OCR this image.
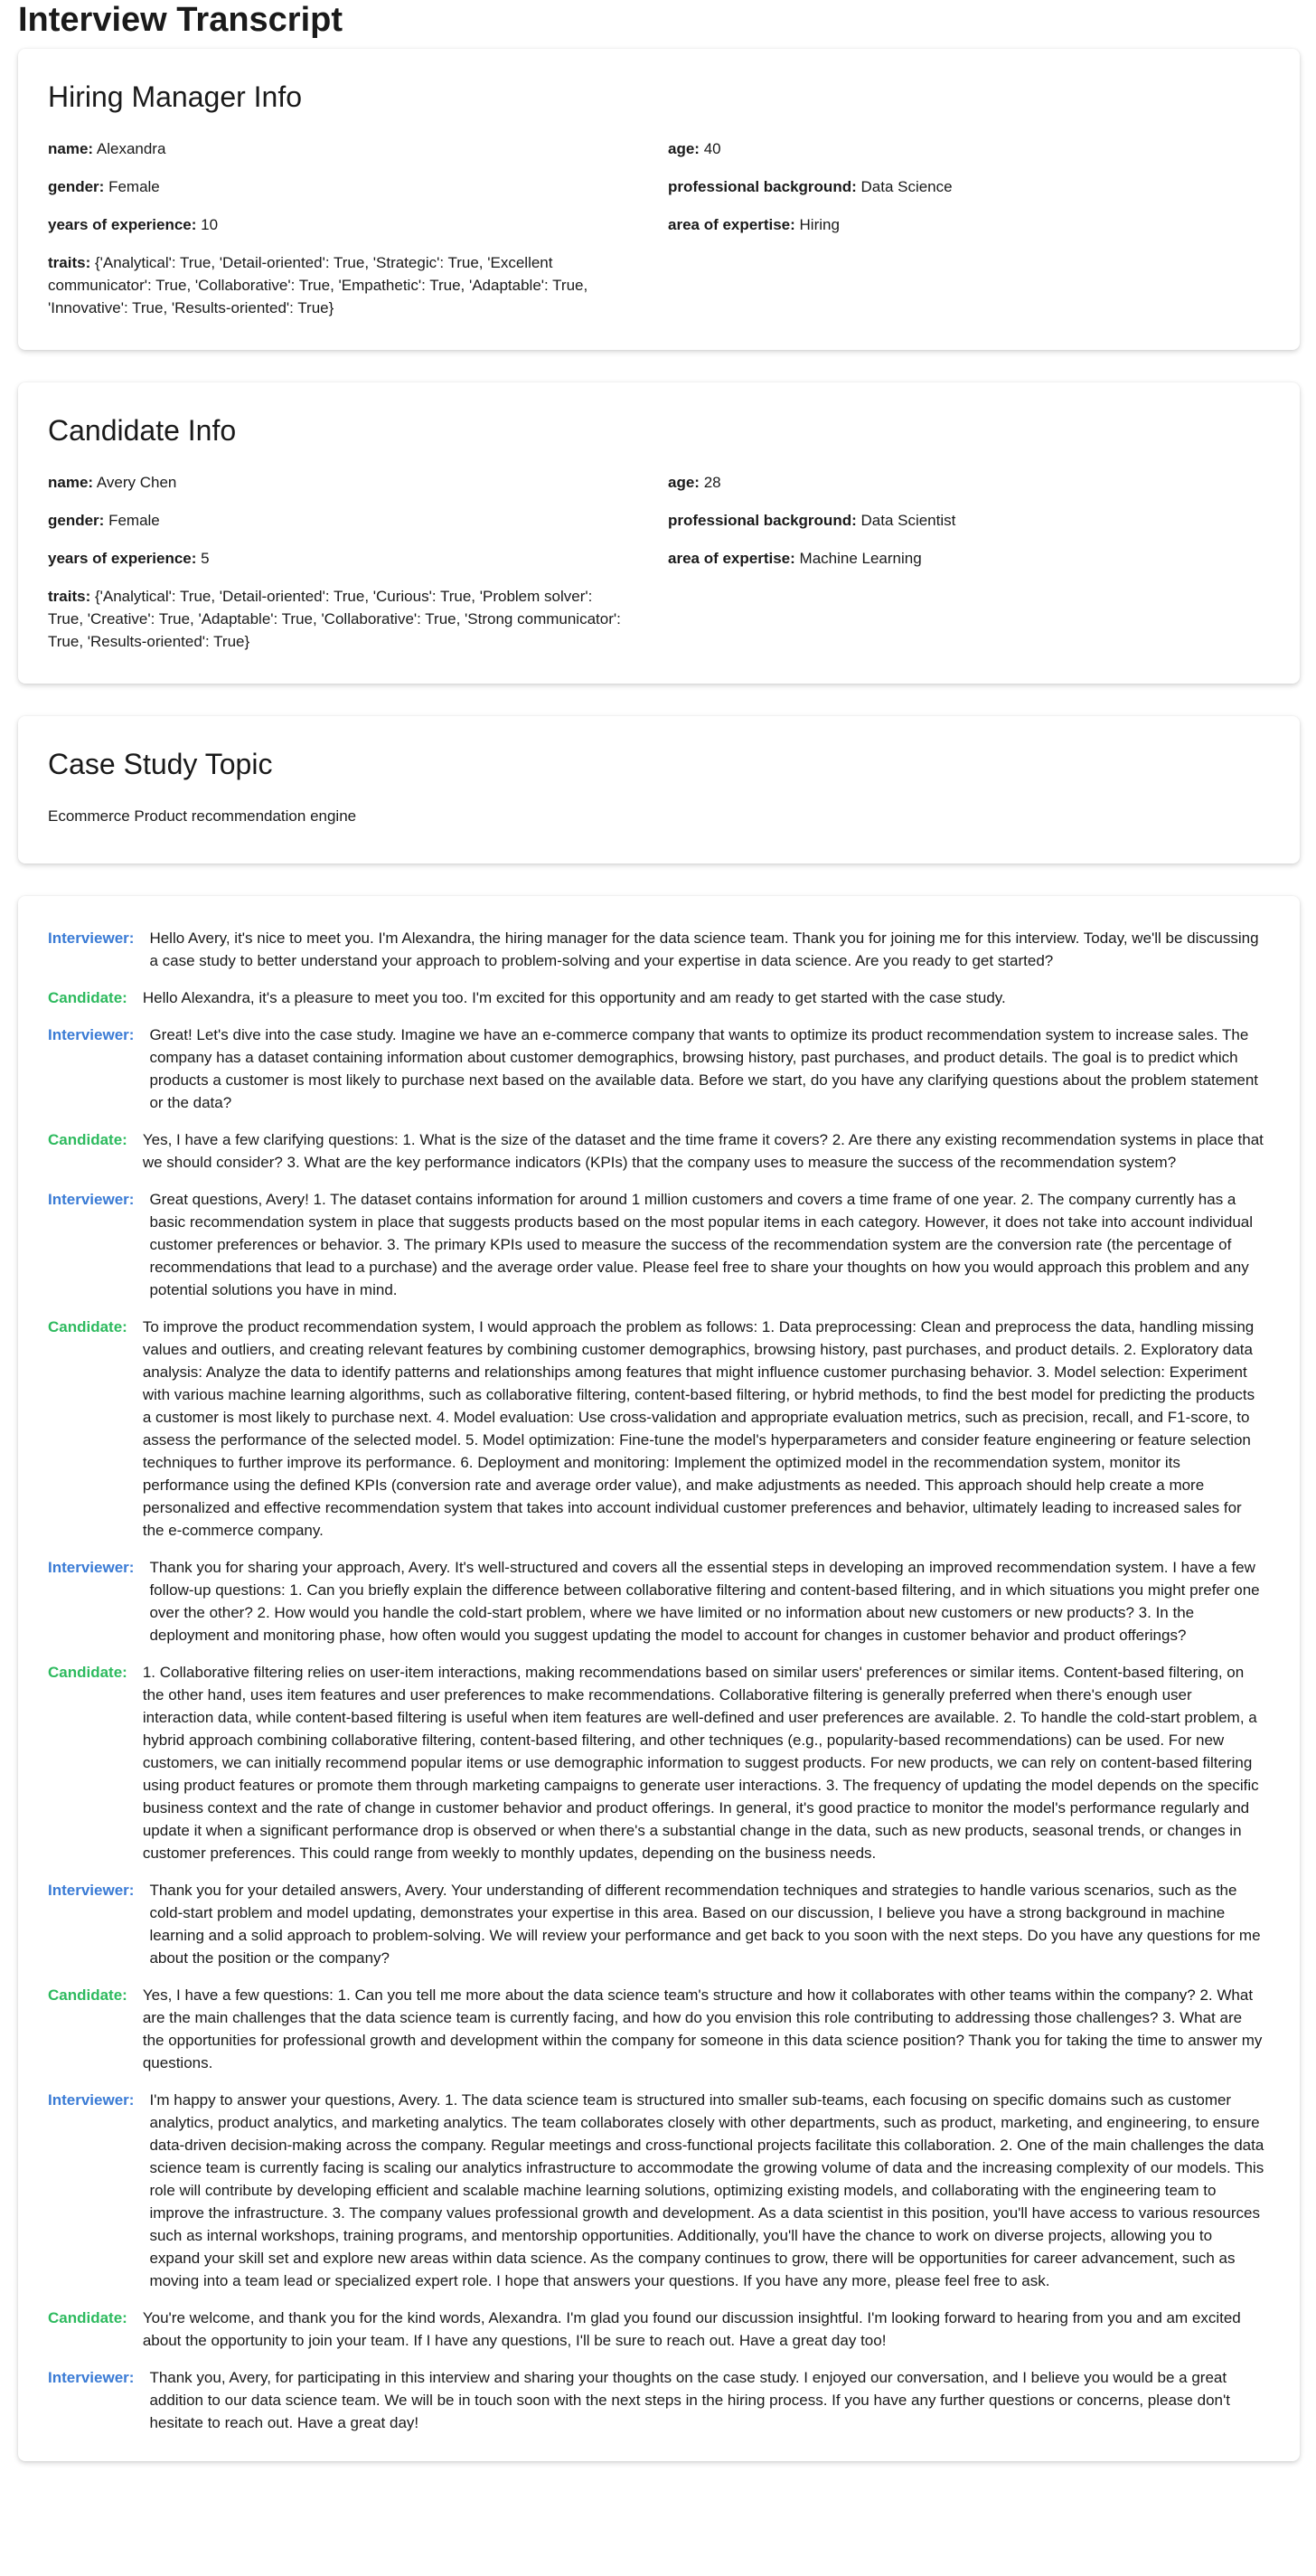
Interview Transcript
Hiring Manager Info
name: Alexandra	age: 40
gender: Female	professional background: Data Science
years of experience: 10	area of expertise: Hiring
traits: {'Analytical': True, 'Detail-oriented': True, 'Strategic': True, 'Excellent communicator': True, 'Collaborative': True, 'Empathetic': True, 'Adaptable': True, 'Innovative': True, 'Results-oriented': True}
Candidate Info
name: Avery Chen	age: 28
gender: Female	professional background: Data Scientist
years of experience: 5	area of expertise: Machine Learning
traits: {'Analytical': True, 'Detail-oriented': True, 'Curious': True, 'Problem solver': True, 'Creative': True, 'Adaptable': True, 'Collaborative': True, 'Strong communicator': True, 'Results-oriented': True}
Case Study Topic

Ecommerce Product recommendation engine

Interviewer: Hello Avery, it's nice to meet you. I'm Alexandra, the hiring manager for the data science team. Thank you for joining me for this interview. Today, we'll be discussing a case study to better understand your approach to problem-solving and your expertise in data science. Are you ready to get started?
Candidate: Hello Alexandra, it's a pleasure to meet you too. I'm excited for this opportunity and am ready to get started with the case study.
Interviewer: Great! Let's dive into the case study. Imagine we have an e-commerce company that wants to optimize its product recommendation system to increase sales. The company has a dataset containing information about customer demographics, browsing history, past purchases, and product details. The goal is to predict which products a customer is most likely to purchase next based on the available data. Before we start, do you have any clarifying questions about the problem statement or the data?
Candidate: Yes, I have a few clarifying questions: 1. What is the size of the dataset and the time frame it covers? 2. Are there any existing recommendation systems in place that we should consider? 3. What are the key performance indicators (KPIs) that the company uses to measure the success of the recommendation system?
Interviewer: Great questions, Avery! 1. The dataset contains information for around 1 million customers and covers a time frame of one year. 2. The company currently has a basic recommendation system in place that suggests products based on the most popular items in each category. However, it does not take into account individual customer preferences or behavior. 3. The primary KPIs used to measure the success of the recommendation system are the conversion rate (the percentage of recommendations that lead to a purchase) and the average order value. Please feel free to share your thoughts on how you would approach this problem and any potential solutions you have in mind.
Candidate: To improve the product recommendation system, I would approach the problem as follows: 1. Data preprocessing: Clean and preprocess the data, handling missing values and outliers, and creating relevant features by combining customer demographics, browsing history, past purchases, and product details. 2. Exploratory data analysis: Analyze the data to identify patterns and relationships among features that might influence customer purchasing behavior. 3. Model selection: Experiment with various machine learning algorithms, such as collaborative filtering, content-based filtering, or hybrid methods, to find the best model for predicting the products a customer is most likely to purchase next. 4. Model evaluation: Use cross-validation and appropriate evaluation metrics, such as precision, recall, and F1-score, to assess the performance of the selected model. 5. Model optimization: Fine-tune the model's hyperparameters and consider feature engineering or feature selection techniques to further improve its performance. 6. Deployment and monitoring: Implement the optimized model in the recommendation system, monitor its performance using the defined KPIs (conversion rate and average order value), and make adjustments as needed. This approach should help create a more personalized and effective recommendation system that takes into account individual customer preferences and behavior, ultimately leading to increased sales for the e-commerce company.
Interviewer: Thank you for sharing your approach, Avery. It's well-structured and covers all the essential steps in developing an improved recommendation system. I have a few follow-up questions: 1. Can you briefly explain the difference between collaborative filtering and content-based filtering, and in which situations you might prefer one over the other? 2. How would you handle the cold-start problem, where we have limited or no information about new customers or new products? 3. In the deployment and monitoring phase, how often would you suggest updating the model to account for changes in customer behavior and product offerings?
Candidate: 1. Collaborative filtering relies on user-item interactions, making recommendations based on similar users' preferences or similar items. Content-based filtering, on the other hand, uses item features and user preferences to make recommendations. Collaborative filtering is generally preferred when there's enough user interaction data, while content-based filtering is useful when item features are well-defined and user preferences are available. 2. To handle the cold-start problem, a hybrid approach combining collaborative filtering, content-based filtering, and other techniques (e.g., popularity-based recommendations) can be used. For new customers, we can initially recommend popular items or use demographic information to suggest products. For new products, we can rely on content-based filtering using product features or promote them through marketing campaigns to generate user interactions. 3. The frequency of updating the model depends on the specific business context and the rate of change in customer behavior and product offerings. In general, it's good practice to monitor the model's performance regularly and update it when a significant performance drop is observed or when there's a substantial change in the data, such as new products, seasonal trends, or changes in customer preferences. This could range from weekly to monthly updates, depending on the business needs.
Interviewer: Thank you for your detailed answers, Avery. Your understanding of different recommendation techniques and strategies to handle various scenarios, such as the cold-start problem and model updating, demonstrates your expertise in this area. Based on our discussion, I believe you have a strong background in machine learning and a solid approach to problem-solving. We will review your performance and get back to you soon with the next steps. Do you have any questions for me about the position or the company?
Candidate: Yes, I have a few questions: 1. Can you tell me more about the data science team's structure and how it collaborates with other teams within the company? 2. What are the main challenges that the data science team is currently facing, and how do you envision this role contributing to addressing those challenges? 3. What are the opportunities for professional growth and development within the company for someone in this data science position? Thank you for taking the time to answer my questions.
Interviewer: I'm happy to answer your questions, Avery. 1. The data science team is structured into smaller sub-teams, each focusing on specific domains such as customer analytics, product analytics, and marketing analytics. The team collaborates closely with other departments, such as product, marketing, and engineering, to ensure data-driven decision-making across the company. Regular meetings and cross-functional projects facilitate this collaboration. 2. One of the main challenges the data science team is currently facing is scaling our analytics infrastructure to accommodate the growing volume of data and the increasing complexity of our models. This role will contribute by developing efficient and scalable machine learning solutions, optimizing existing models, and collaborating with the engineering team to improve the infrastructure. 3. The company values professional growth and development. As a data scientist in this position, you'll have access to various resources such as internal workshops, training programs, and mentorship opportunities. Additionally, you'll have the chance to work on diverse projects, allowing you to expand your skill set and explore new areas within data science. As the company continues to grow, there will be opportunities for career advancement, such as moving into a team lead or specialized expert role. I hope that answers your questions. If you have any more, please feel free to ask.
Candidate: You're welcome, and thank you for the kind words, Alexandra. I'm glad you found our discussion insightful. I'm looking forward to hearing from you and am excited about the opportunity to join your team. If I have any questions, I'll be sure to reach out. Have a great day too!
Interviewer: Thank you, Avery, for participating in this interview and sharing your thoughts on the case study. I enjoyed our conversation, and I believe you would be a great addition to our data science team. We will be in touch soon with the next steps in the hiring process. If you have any further questions or concerns, please don't hesitate to reach out. Have a great day!
